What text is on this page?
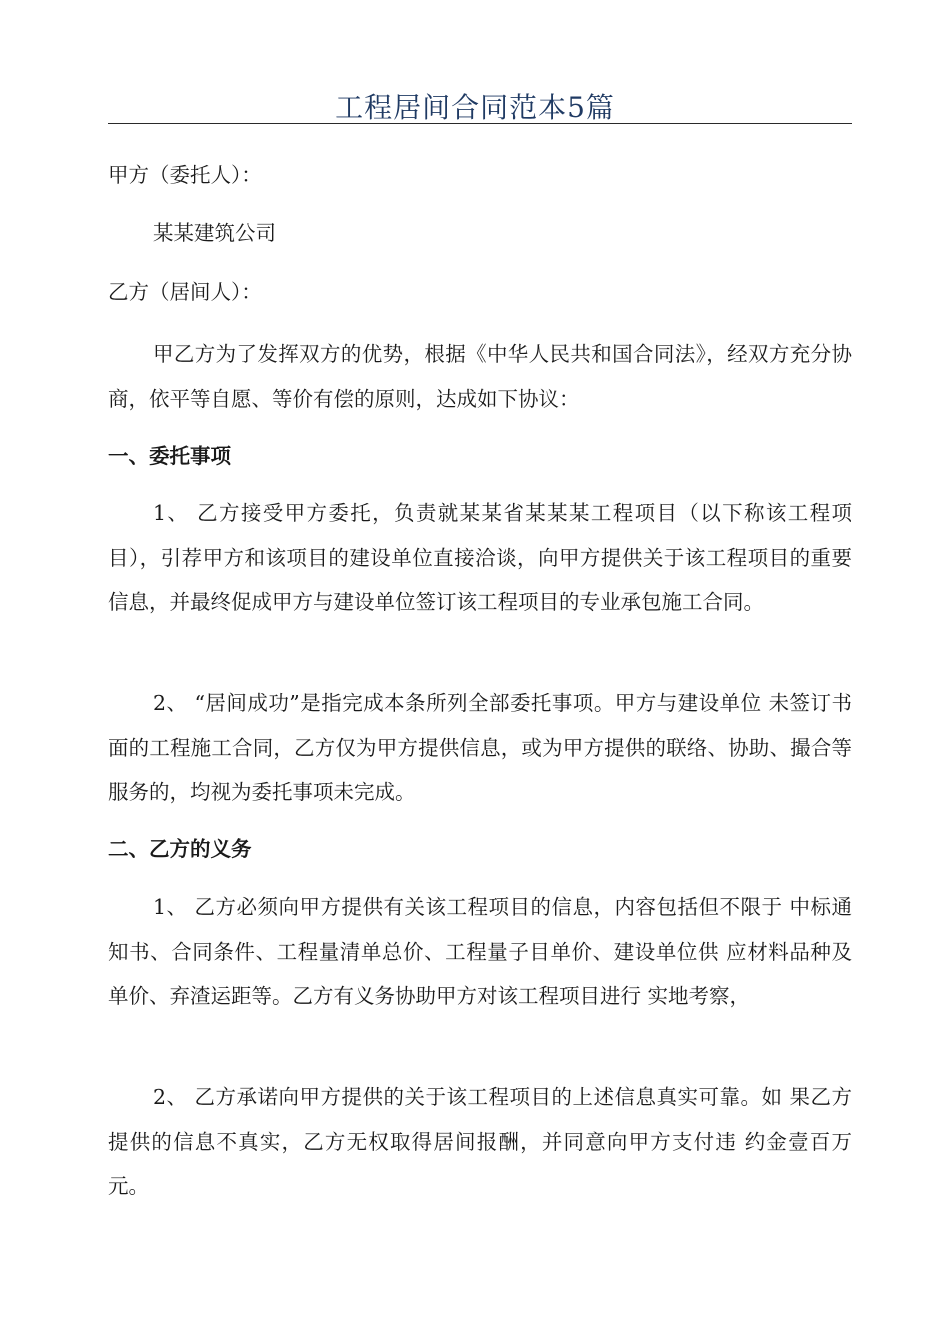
工程居间合同范本5篇
甲方（委托人）：
某某建筑公司
乙方（居间人）：
甲乙方为了发挥双方的优势，根据《中华人民共和国合同法》，经双方充分协商，依平等自愿、等价有偿的原则，达成如下协议：
一、委托事项
1、 乙方接受甲方委托，负责就某某省某某某工程项目（以下称该工程项目），引荐甲方和该项目的建设单位直接洽谈，向甲方提供关于该工程项目的重要信息，并最终促成甲方与建设单位签订该工程项目的专业承包施工合同。
2、 “居间成功”是指完成本条所列全部委托事项。甲方与建设单位 未签订书面的工程施工合同，乙方仅为甲方提供信息，或为甲方提供的联络、协助、撮合等服务的，均视为委托事项未完成。
二、乙方的义务
1、 乙方必须向甲方提供有关该工程项目的信息，内容包括但不限于 中标通知书、合同条件、工程量清单总价、工程量子目单价、建设单位供 应材料品种及单价、弃渣运距等。乙方有义务协助甲方对该工程项目进行 实地考察，
2、 乙方承诺向甲方提供的关于该工程项目的上述信息真实可靠。如 果乙方提供的信息不真实，乙方无权取得居间报酬，并同意向甲方支付违 约金壹百万元。
